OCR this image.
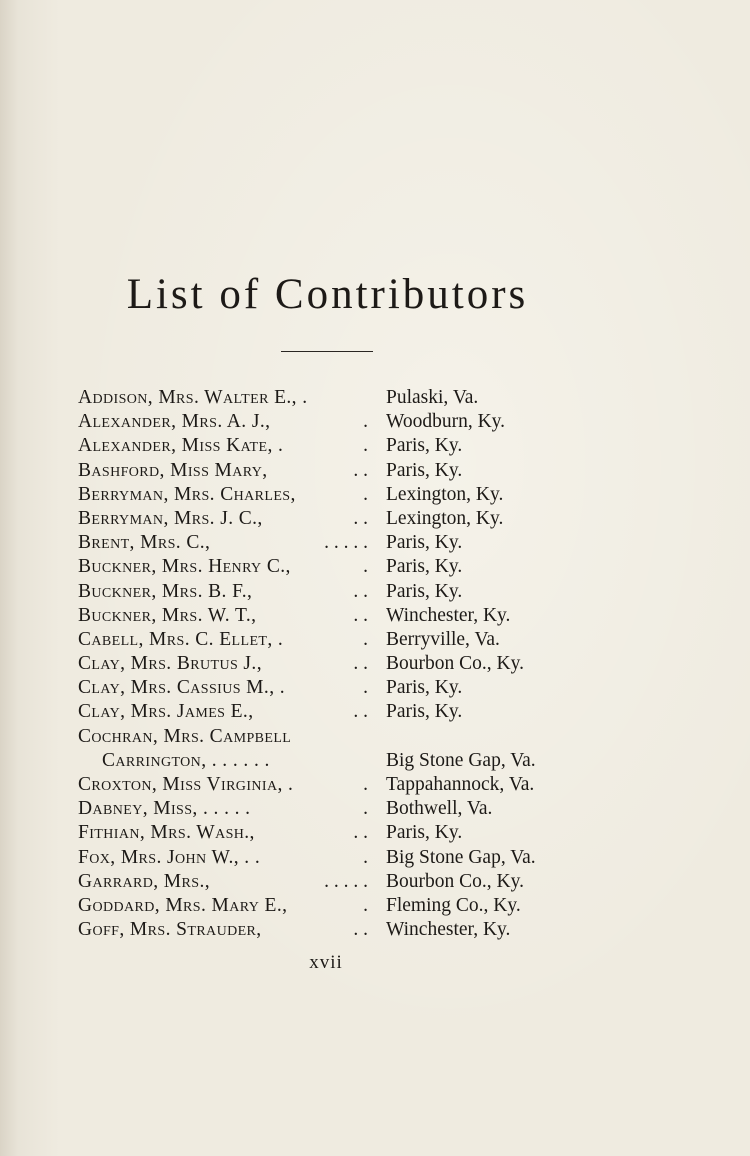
List of Contributors
Addison, Mrs. Walter E., .	Pulaski, Va.
Alexander, Mrs. A. J.,	. Woodburn, Ky.
Alexander, Miss Kate, .	. Paris, Ky.
Bashford, Miss Mary,	. . Paris, Ky.
Berryman, Mrs. Charles,	. Lexington, Ky.
Berryman, Mrs. J. C.,	. . Lexington, Ky.
Brent, Mrs. C.,	. . . . . Paris, Ky.
Buckner, Mrs. Henry C.,	. Paris, Ky.
Buckner, Mrs. B. F.,	. . Paris, Ky.
Buckner, Mrs. W. T.,	. . Winchester, Ky.
Cabell, Mrs. C. Ellet, .	. Berryville, Va.
Clay, Mrs. Brutus J.,	. . Bourbon Co., Ky.
Clay, Mrs. Cassius M., .	. Paris, Ky.
Clay, Mrs. James E.,	. . Paris, Ky.
Cochran, Mrs. Campbell
Carrington, . . . . . .	Big Stone Gap, Va.
Croxton, Miss Virginia, .	. Tappahannock, Va.
Dabney, Miss, . . . . .	. Bothwell, Va.
Fithian, Mrs. Wash.,	. . Paris, Ky.
Fox, Mrs. John W., . .	. Big Stone Gap, Va.
Garrard, Mrs.,	. . . . . Bourbon Co., Ky.
Goddard, Mrs. Mary E.,	. Fleming Co., Ky.
Goff, Mrs. Strauder,	. . Winchester, Ky.
xvii
